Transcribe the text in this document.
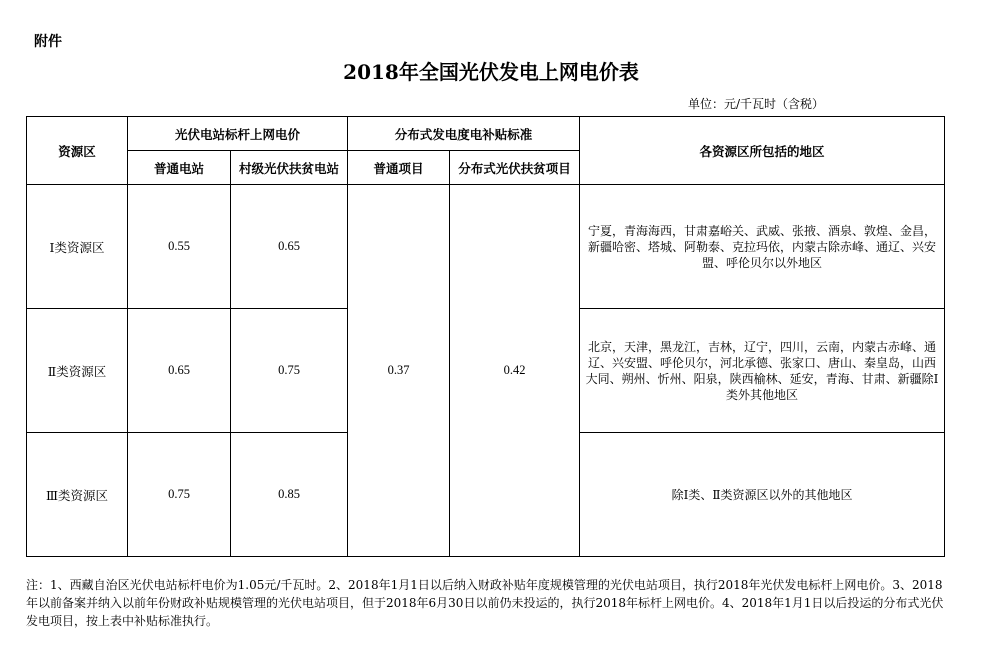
附件
2018年全国光伏发电上网电价表
单位：元/千瓦时（含税）
资源区	光伏电站标杆上网电价		分布式发电度电补贴标准		各资源区所包括的地区
	普通电站	村级光伏扶贫电站	普通项目	分布式光伏扶贫项目	
Ⅰ类资源区	0.55	0.65	0.37	0.42	宁夏，青海海西，甘肃嘉峪关、武威、张掖、酒泉、敦煌、金昌，新疆哈密、塔城、阿勒泰、克拉玛依，内蒙古除赤峰、通辽、兴安盟、呼伦贝尔以外地区
Ⅱ类资源区	0.65	0.75			北京，天津，黑龙江，吉林，辽宁，四川，云南，内蒙古赤峰、通辽、兴安盟、呼伦贝尔，河北承德、张家口、唐山、秦皇岛，山西大同、朔州、忻州、阳泉，陕西榆林、延安，青海、甘肃、新疆除Ⅰ类外其他地区
Ⅲ类资源区	0.75	0.85			除Ⅰ类、Ⅱ类资源区以外的其他地区
注：1、西藏自治区光伏电站标杆电价为1.05元/千瓦时。2、2018年1月1日以后纳入财政补贴年度规模管理的光伏电站项目，执行2018年光伏发电标杆上网电价。3、2018年以前备案并纳入以前年份财政补贴规模管理的光伏电站项目，但于2018年6月30日以前仍未投运的，执行2018年标杆上网电价。4、2018年1月1日以后投运的分布式光伏发电项目，按上表中补贴标准执行。
